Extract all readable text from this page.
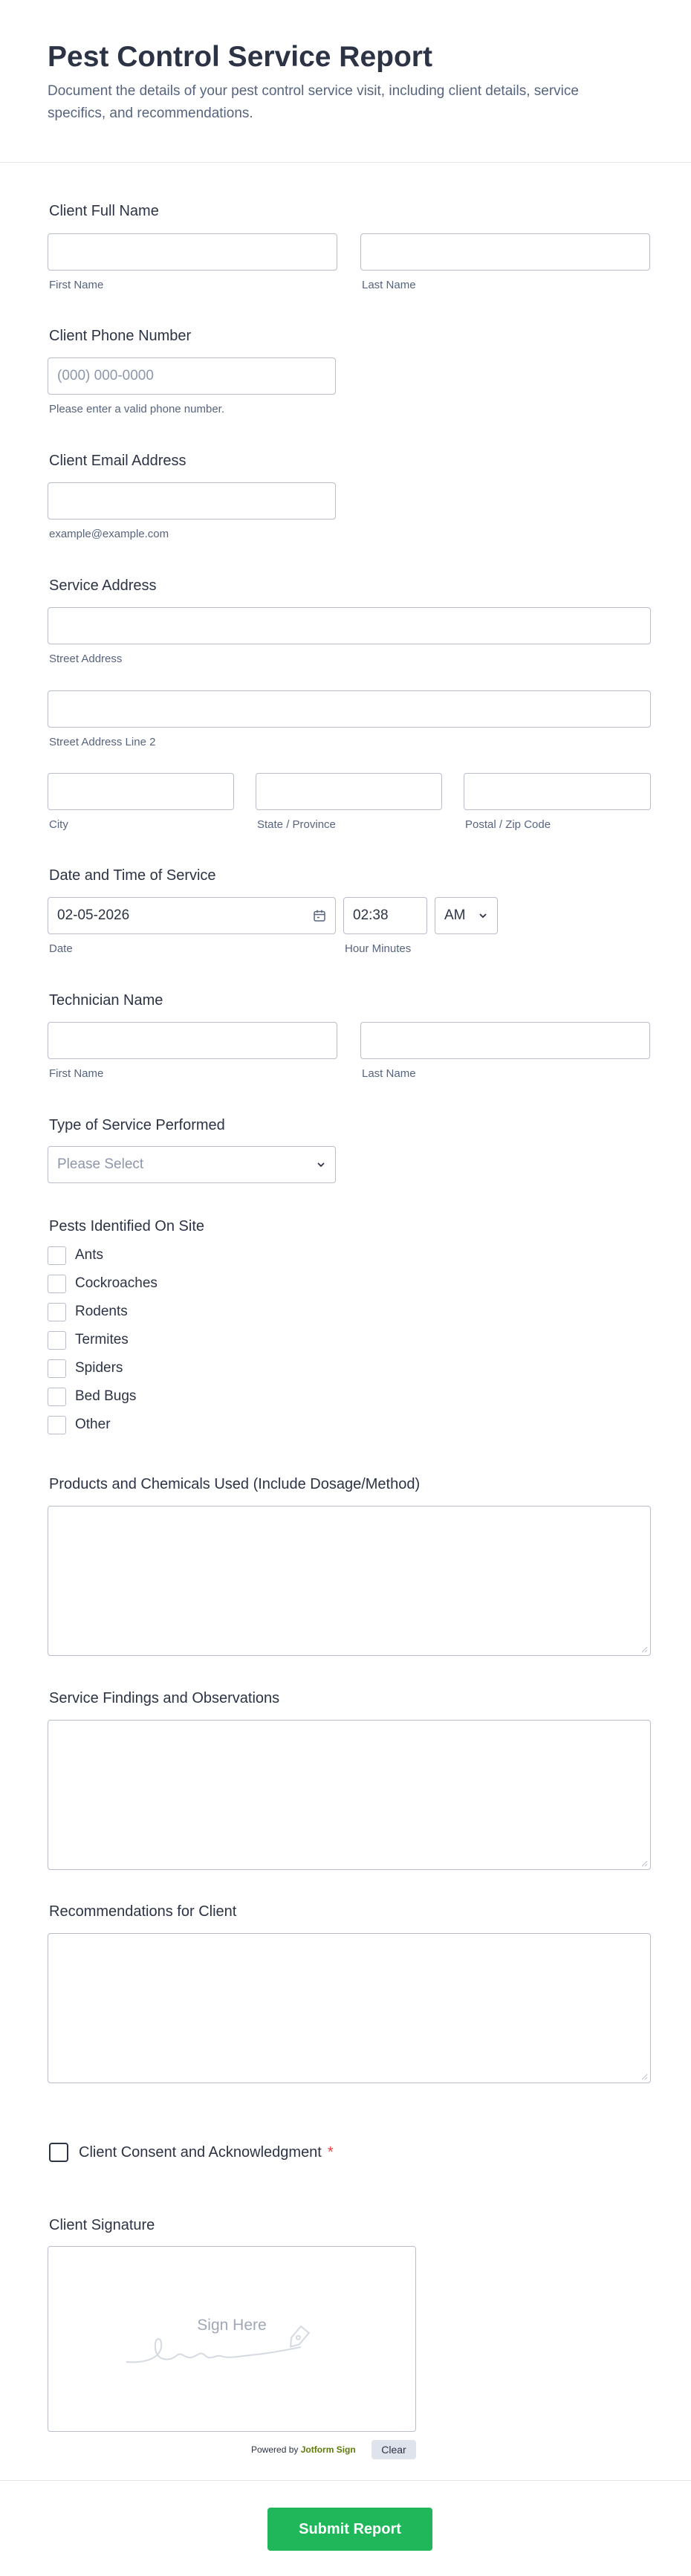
Pest Control Service Report

Document the details of your pest control service visit, including client details, service specifics, and recommendations.

Client Full Name
First Name	Last Name
Client Phone Number
(000) 000-0000
Please enter a valid phone number.
Client Email Address
example@example.com
Service Address
Street Address
Street Address Line 2
City	State / Province	Postal / Zip Code
Date and Time of Service
02-05-2026	02:38	AM
Date	Hour Minutes
Technician Name
First Name	Last Name
Type of Service Performed
Please Select
Pests Identified On Site
Ants
Cockroaches
Rodents
Termites
Spiders
Bed Bugs
Other
Products and Chemicals Used (Include Dosage/Method)
Service Findings and Observations
Recommendations for Client
Client Consent and Acknowledgment *
Client Signature
Sign Here
Powered by Jotform Sign	Clear
Submit Report
